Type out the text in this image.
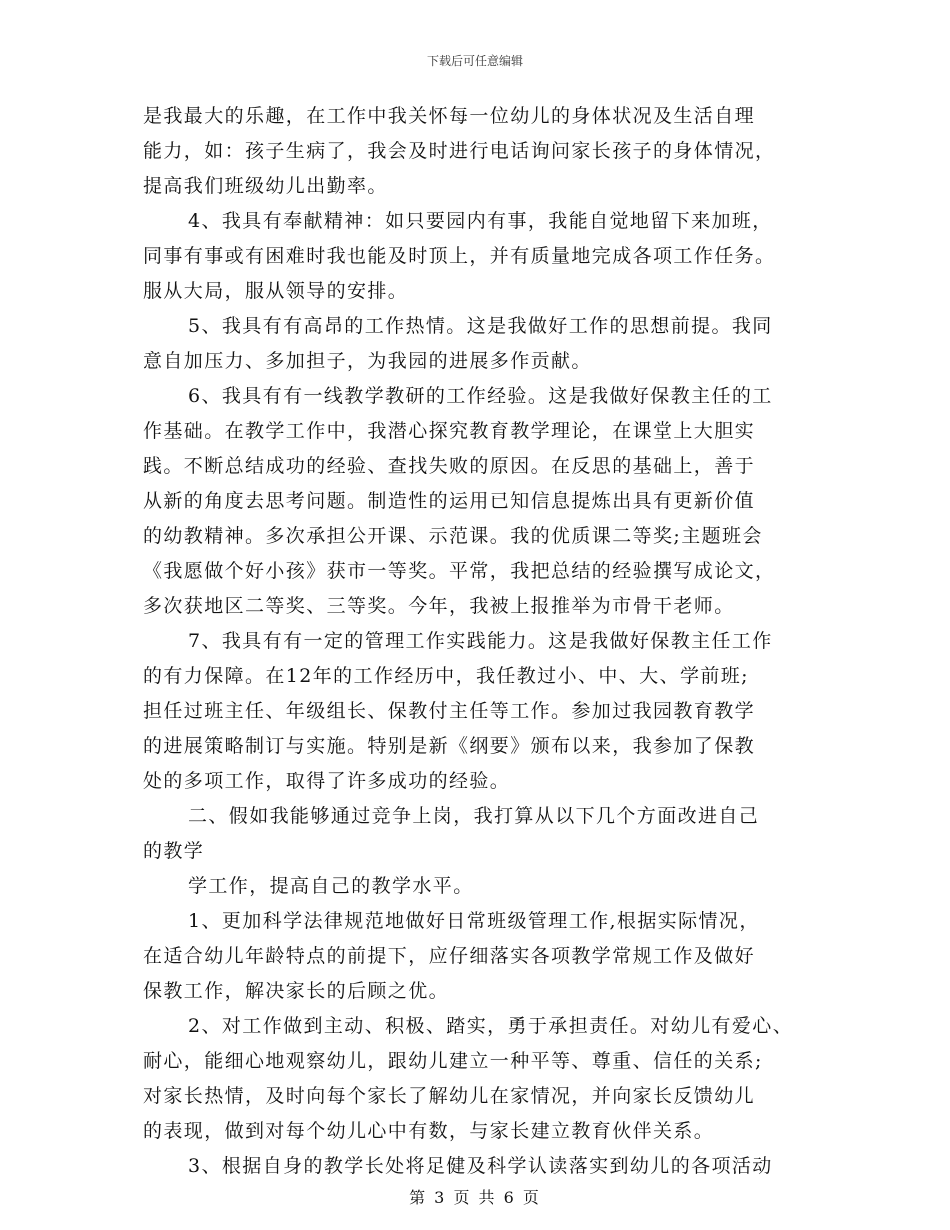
下载后可任意编辑
是我最大的乐趣，在工作中我关怀每一位幼儿的身体状况及生活自理
能力，如：孩子生病了，我会及时进行电话询问家长孩子的身体情况，
提高我们班级幼儿出勤率。
4、我具有奉献精神：如只要园内有事，我能自觉地留下来加班，
同事有事或有困难时我也能及时顶上，并有质量地完成各项工作任务。
服从大局，服从领导的安排。
5、我具有有高昂的工作热情。这是我做好工作的思想前提。我同
意自加压力、多加担子，为我园的进展多作贡献。
6、我具有有一线教学教研的工作经验。这是我做好保教主任的工
作基础。在教学工作中，我潜心探究教育教学理论，在课堂上大胆实
践。不断总结成功的经验、查找失败的原因。在反思的基础上，善于
从新的角度去思考问题。制造性的运用已知信息提炼出具有更新价值
的幼教精神。多次承担公开课、示范课。我的优质课二等奖;主题班会
《我愿做个好小孩》获市一等奖。平常，我把总结的经验撰写成论文，
多次获地区二等奖、三等奖。今年，我被上报推举为市骨干老师。
7、我具有有一定的管理工作实践能力。这是我做好保教主任工作
的有力保障。在12年的工作经历中，我任教过小、中、大、学前班;
担任过班主任、年级组长、保教付主任等工作。参加过我园教育教学
的进展策略制订与实施。特别是新《纲要》颁布以来，我参加了保教
处的多项工作，取得了许多成功的经验。
二、假如我能够通过竞争上岗，我打算从以下几个方面改进自己
的教学
学工作，提高自己的教学水平。
1、更加科学法律规范地做好日常班级管理工作,根据实际情况，
在适合幼儿年龄特点的前提下，应仔细落实各项教学常规工作及做好
保教工作，解决家长的后顾之优。
2、对工作做到主动、积极、踏实，勇于承担责任。对幼儿有爱心、
耐心，能细心地观察幼儿，跟幼儿建立一种平等、尊重、信任的关系;
对家长热情，及时向每个家长了解幼儿在家情况，并向家长反馈幼儿
的表现，做到对每个幼儿心中有数，与家长建立教育伙伴关系。
3、根据自身的教学长处将足健及科学认读落实到幼儿的各项活动
第 3 页 共 6 页
